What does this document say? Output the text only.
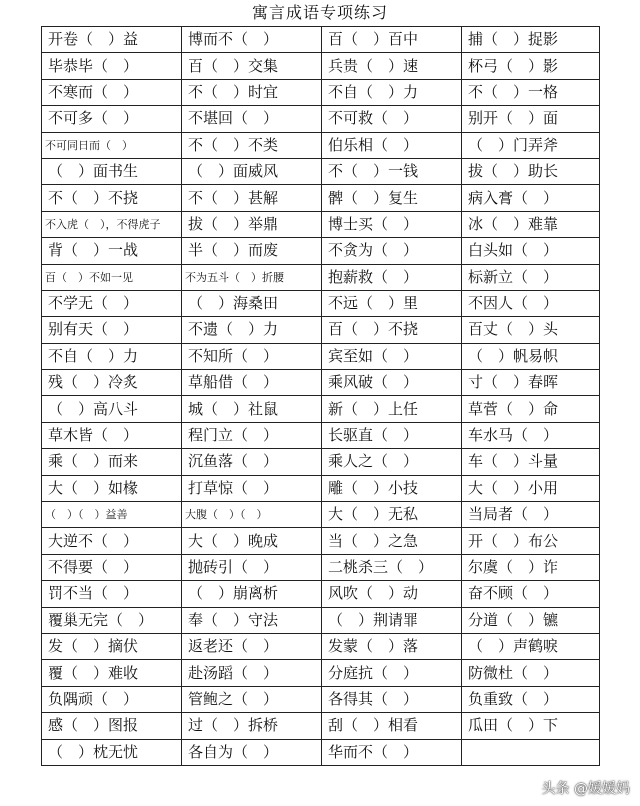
寓言成语专项练习
开卷（　）益	博而不（　）	百（　）百中	捕（　）捉影
毕恭毕（　）	百（　）交集	兵贵（　）速	杯弓（　）影
不寒而（　）	不（　）时宜	不自（　）力	不（　）一格
不可多（　）	不堪回（　）	不可救（　）	别开（　）面
不可同日而（　）	不（　）不类	伯乐相（　）	（　）门弄斧
（　）面书生	（　）面威风	不（　）一钱	拔（　）助长
不（　）不挠	不（　）甚解	髀（　）复生	病入膏（　）
不入虎（　），不得虎子	拔（　）举鼎	博士买（　）	冰（　）难靠
背（　）一战	半（　）而废	不贪为（　）	白头如（　）
百（　）不如一见	不为五斗（　）折腰	抱薪救（　）	标新立（　）
不学无（　）	（　）海桑田	不远（　）里	不因人（　）
别有天（　）	不遗（　）力	百（　）不挠	百丈（　）头
不自（　）力	不知所（　）	宾至如（　）	（　）帆易帜
残（　）冷炙	草船借（　）	乘风破（　）	寸（　）春晖
（　）高八斗	城（　）社鼠	新（　）上任	草菅（　）命
草木皆（　）	程门立（　）	长驱直（　）	车水马（　）
乘（　）而来	沉鱼落（　）	乘人之（　）	车（　）斗量
大（　）如椽	打草惊（　）	雕（　）小技	大（　）小用
（　）（　）益善	大腹（　）（　）	大（　）无私	当局者（　）
大逆不（　）	大（　）晚成	当（　）之急	开（　）布公
不得要（　）	抛砖引（　）	二桃杀三（　）	尔虞（　）诈
罚不当（　）	（　）崩离析	风吹（　）动	奋不顾（　）
覆巢无完（　）	奉（　）守法	（　）荆请罪	分道（　）镳
发（　）摘伏	返老还（　）	发蒙（　）落	（　）声鹤唳
覆（　）难收	赴汤蹈（　）	分庭抗（　）	防微杜（　）
负隅顽（　）	管鲍之（　）	各得其（　）	负重致（　）
感（　）图报	过（　）拆桥	刮（　）相看	瓜田（　）下
（　）枕无忧	各自为（　）	华而不（　）	
头条 @媛媛妈
